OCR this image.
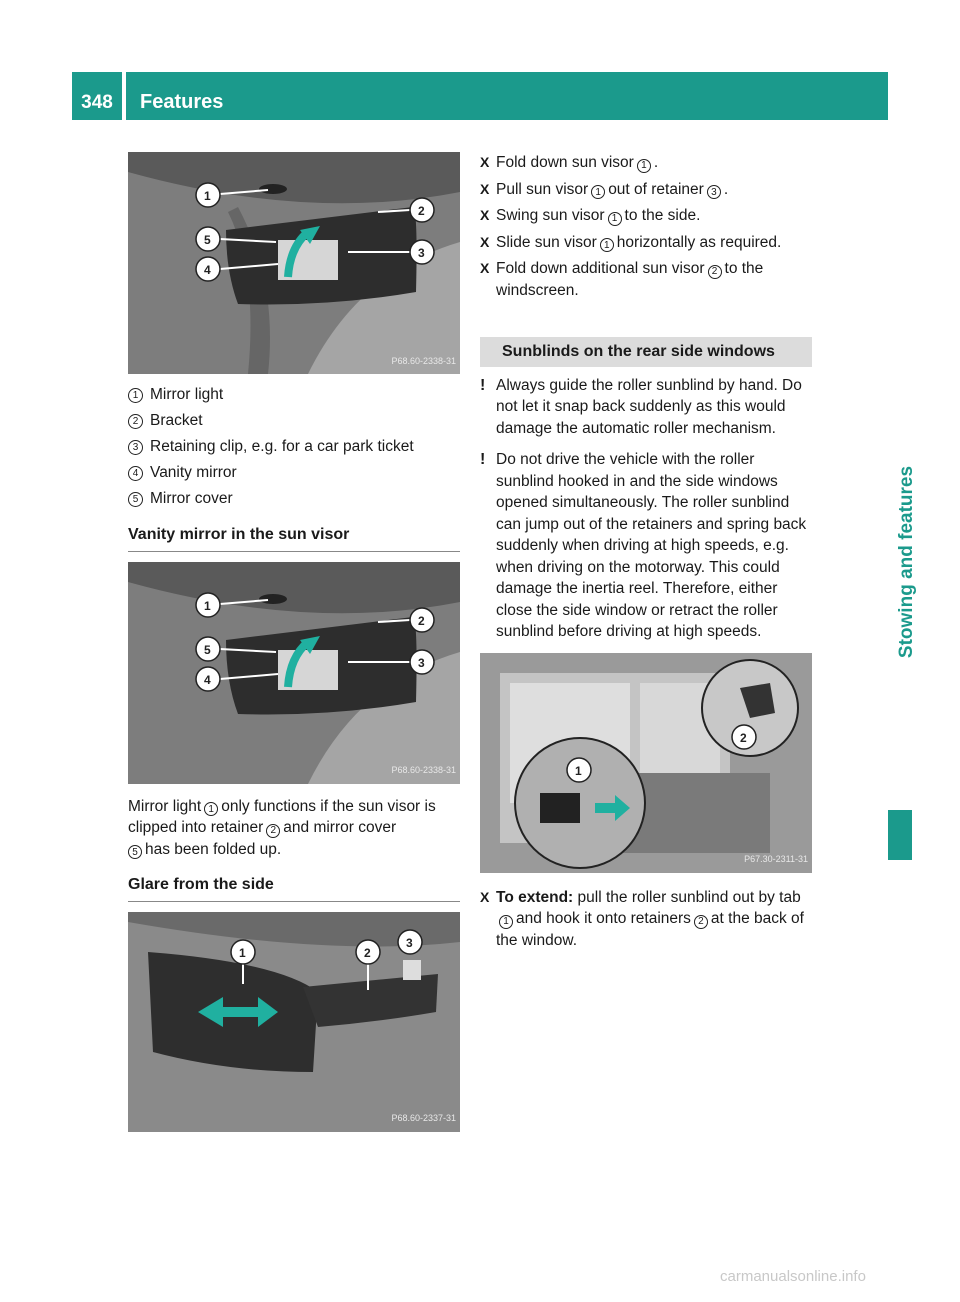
348	Features
Stowing and features
1
2
5
3
4
P68.60-2338-31
1 Mirror light
2 Bracket
3 Retaining clip, e.g. for a car park ticket
4 Vanity mirror
5 Mirror cover
Vanity mirror in the sun visor
1
2
5
3
4
P68.60-2338-31
Mirror light 1 only functions if the sun visor is clipped into retainer 2 and mirror cover
5 has been folded up.
Glare from the side
1	2
3
P68.60-2337-31
X Fold down sun visor 1 .
X Pull sun visor 1 out of retainer 3 .
X Swing sun visor 1 to the side.
X Slide sun visor 1 horizontally as required.
X Fold down additional sun visor 2 to the windscreen.
Sunblinds on the rear side windows
! Always guide the roller sunblind by hand. Do not let it snap back suddenly as this would damage the automatic roller mechanism.
! Do not drive the vehicle with the roller sunblind hooked in and the side windows opened simultaneously. The roller sunblind can jump out of the retainers and spring back suddenly when driving at high speeds, e.g. when driving on the motorway. This could damage the inertia reel. Therefore, either close the side window or retract the roller sunblind before driving at high speeds.
1
2
P67.30-2311-31
X To extend: pull the roller sunblind out by tab1 and hook it onto retainers 2 at the back of the window.
carmanualsonline.info
